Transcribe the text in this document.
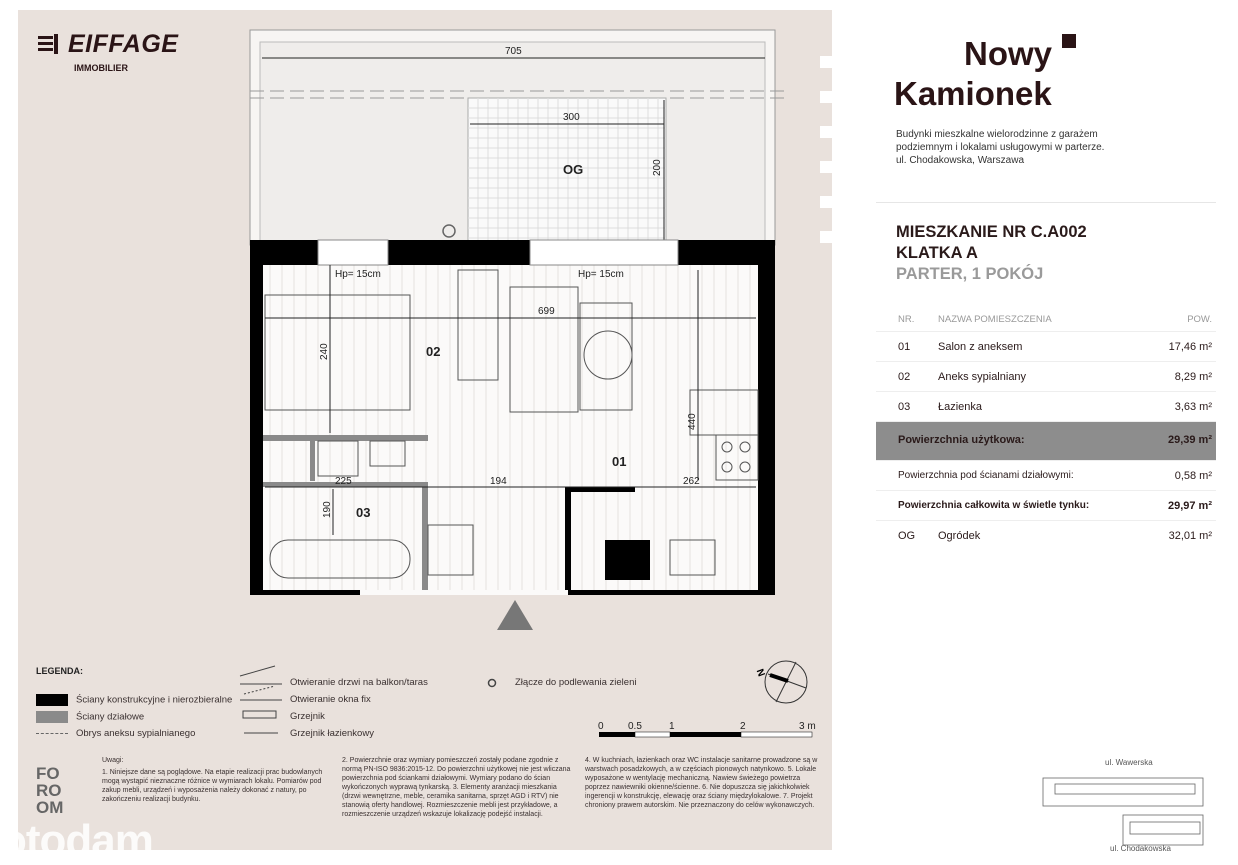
EIFFAGE
IMMOBILIER
705
300
200
OG
699
240
440
225	194	262
190
Hp= 15cm	Hp= 15cm
02
01
03
N
0 0.5	1	2	3 m
LEGENDA:
Ściany konstrukcyjne i nierozbieralne
Ściany działowe
Obrys aneksu sypialnianego
Otwieranie drzwi na balkon/taras
Otwieranie okna fix
Grzejnik
Grzejnik łazienkowy
Złącze do podlewania zieleni
Uwagi:
1. Niniejsze dane są poglądowe. Na etapie realizacji prac budowlanych mogą wystąpić nieznaczne różnice w wymiarach lokalu. Pomiarów pod zakup mebli, urządzeń i wyposażenia należy dokonać z natury, po zakończeniu realizacji budynku.
2. Powierzchnie oraz wymiary pomieszczeń zostały podane zgodnie z normą PN-ISO 9836:2015-12. Do powierzchni użytkowej nie jest wliczana powierzchnia pod ściankami działowymi. Wymiary podano do ścian wykończonych wyprawą tynkarską. 3. Elementy aranżacji mieszkania (drzwi wewnętrzne, meble, ceramika sanitarna, sprzęt AGD i RTV) nie stanowią oferty handlowej. Rozmieszczenie mebli jest przykładowe, a rozmieszczenie urządzeń wskazuje lokalizację podejść instalacji.
4. W kuchniach, łazienkach oraz WC instalacje sanitarne prowadzone są w warstwach posadzkowych, a w częściach pionowych natynkowo. 5. Lokale wyposażone w wentylację mechaniczną. Nawiew świeżego powietrza poprzez nawiewniki okienne/ścienne. 6. Nie dopuszcza się jakichkolwiek ingerencji w konstrukcję, elewację oraz ściany międzylokalowe. 7. Projekt chroniony prawem autorskim. Nie przeznaczony do celów wykonawczych.
FO RO OM
otodam
Nowy
Kamionek
Budynki mieszkalne wielorodzinne z garażem
podziemnym i lokalami usługowymi w parterze.
ul. Chodakowska, Warszawa
MIESZKANIE NR C.A002
KLATKA A
PARTER, 1 POKÓJ
NR. NAZWA POMIESZCZENIA	POW.
01	Salon z aneksem	17,46 m²
02	Aneks sypialniany	8,29 m²
03	Łazienka	3,63 m²
Powierzchnia użytkowa:	29,39 m²
Powierzchnia pod ścianami działowymi:	0,58 m²
Powierzchnia całkowita w świetle tynku:	29,97 m²
OG Ogródek	32,01 m²
ul. Wawerska
ul. Chodakowska
